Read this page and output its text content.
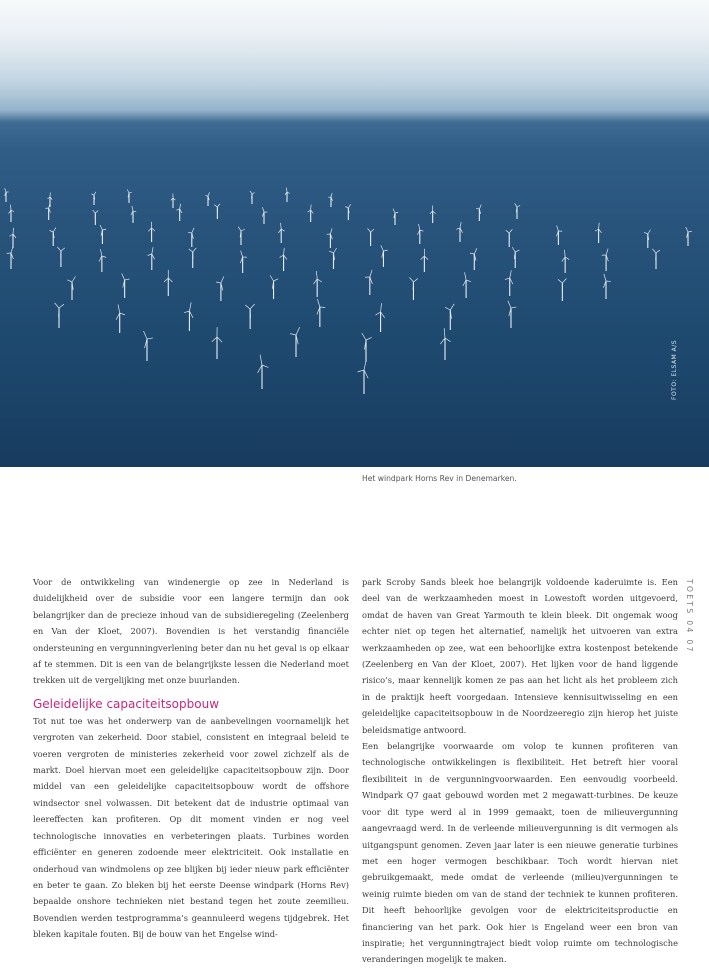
FOTO: ELSAM A/S
Het windpark Horns Rev in Denemarken.
TOETS 04 07

Voor de ontwikkeling van windenergie op zee in Nederland is duidelijkheid over de subsidie voor een langere termijn dan ook belangrijker dan de precieze inhoud van de subsidieregeling (Zeelenberg en Van der Kloet, 2007). Bovendien is het verstandig financiële ondersteuning en vergunningverlening beter dan nu het geval is op elkaar af te stemmen. Dit is een van de belangrijkste lessen die Nederland moet trekken uit de vergelijking met onze buurlanden.

Geleidelijke capaciteitsopbouw

Tot nut toe was het onderwerp van de aanbevelingen voornamelijk het vergroten van zekerheid. Door stabiel, consistent en integraal beleid te voeren vergroten de ministeries zekerheid voor zowel zichzelf als de markt. Doel hiervan moet een geleidelijke capaciteitsopbouw zijn. Door middel van een geleidelijke capaciteitsopbouw wordt de offshore windsector snel volwassen. Dit betekent dat de industrie optimaal van leereffecten kan profiteren. Op dit moment vinden er nog veel technologische innovaties en verbeteringen plaats. Turbines worden efficiënter en generen zodoende meer elektriciteit. Ook installatie en onderhoud van windmolens op zee blijken bij ieder nieuw park efficiënter en beter te gaan. Zo bleken bij het eerste Deense windpark (Horns Rev) bepaalde onshore technieken niet bestand tegen het zoute zeemilieu. Bovendien werden testprogramma’s geannuleerd wegens tijdgebrek. Het bleken kapitale fouten. Bij de bouw van het Engelse wind-

park Scroby Sands bleek hoe belangrijk voldoende kaderuimte is. Een deel van de werkzaamheden moest in Lowestoft worden uitgevoerd, omdat de haven van Great Yarmouth te klein bleek. Dit ongemak woog echter niet op tegen het alternatief, namelijk het uitvoeren van extra werkzaamheden op zee, wat een behoorlijke extra kostenpost betekende (Zeelenberg en Van der Kloet, 2007). Het lijken voor de hand liggende risico’s, maar kennelijk komen ze pas aan het licht als het probleem zich in de praktijk heeft voorgedaan. Intensieve kennisuitwisseling en een geleidelijke capaciteitsopbouw in de Noordzeeregio zijn hierop het juiste beleidsmatige antwoord.

Een belangrijke voorwaarde om volop te kunnen profiteren van technologische ontwikkelingen is flexibiliteit. Het betreft hier vooral flexibiliteit in de vergunningvoorwaarden. Een eenvoudig voorbeeld. Windpark Q7 gaat gebouwd worden met 2 megawatt-turbines. De keuze voor dit type werd al in 1999 gemaakt, toen de milieuvergunning aangevraagd werd. In de verleende milieuvergunning is dit vermogen als uitgangspunt genomen. Zeven jaar later is een nieuwe generatie turbines met een hoger vermogen beschikbaar. Toch wordt hiervan niet gebruikgemaakt, mede omdat de verleende (milieu)vergunningen te weinig ruimte bieden om van de stand der techniek te kunnen profiteren. Dit heeft behoorlijke gevolgen voor de elektriciteitsproductie en financiering van het park. Ook hier is Engeland weer een bron van inspiratie; het vergunningtraject biedt volop ruimte om technologische veranderingen mogelijk te maken.
